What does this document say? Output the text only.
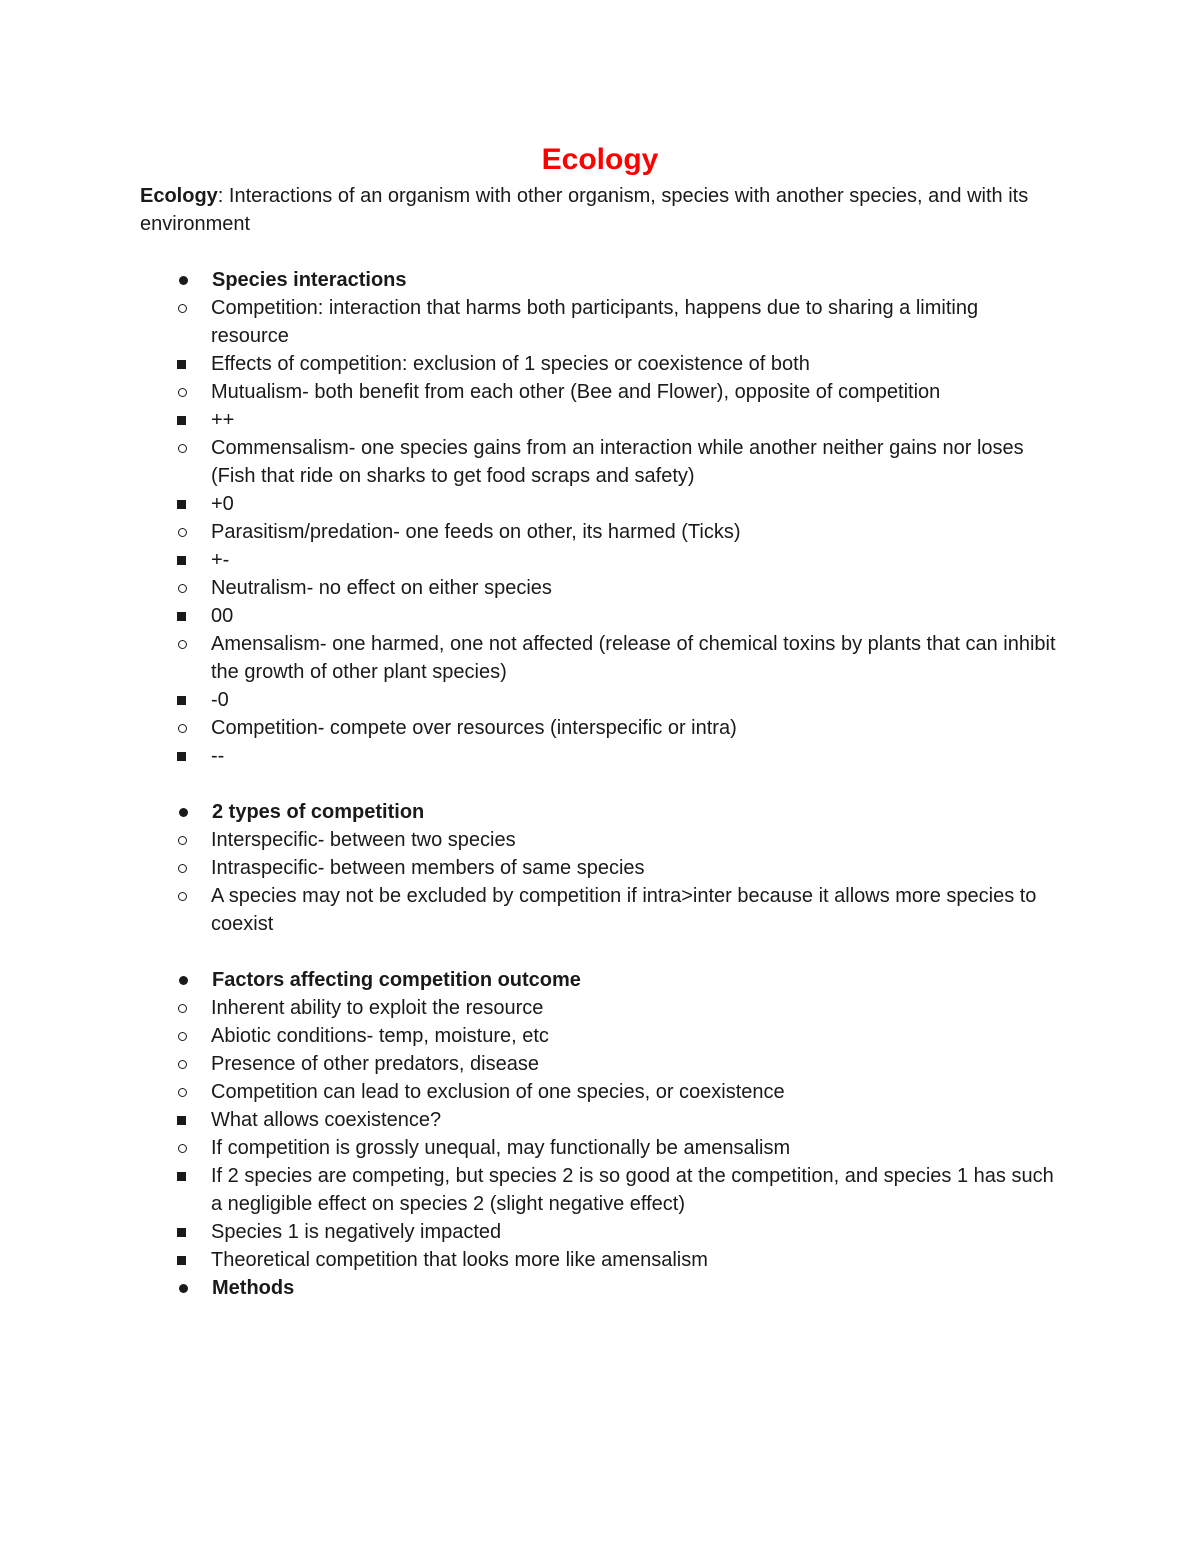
Ecology

Ecology: Interactions of an organism with other organism, species with another species, and with its environment

Species interactions
Competition: interaction that harms both participants, happens due to sharing a limiting resource
Effects of competition: exclusion of 1 species or coexistence of both
Mutualism- both benefit from each other (Bee and Flower), opposite of competition
++
Commensalism- one species gains from an interaction while another neither gains nor loses (Fish that ride on sharks to get food scraps and safety)
+0
Parasitism/predation- one feeds on other, its harmed (Ticks)
+-
Neutralism- no effect on either species
00
Amensalism- one harmed, one not affected (release of chemical toxins by plants that can inhibit the growth of other plant species)
-0
Competition- compete over resources (interspecific or intra)
--
2 types of competition
Interspecific- between two species
Intraspecific- between members of same species
A species may not be excluded by competition if intra>inter because it allows more species to coexist
Factors affecting competition outcome
Inherent ability to exploit the resource
Abiotic conditions- temp, moisture, etc
Presence of other predators, disease
Competition can lead to exclusion of one species, or coexistence
What allows coexistence?
If competition is grossly unequal, may functionally be amensalism
If 2 species are competing, but species 2 is so good at the competition, and species 1 has such a negligible effect on species 2 (slight negative effect)
Species 1 is negatively impacted
Theoretical competition that looks more like amensalism
Methods
